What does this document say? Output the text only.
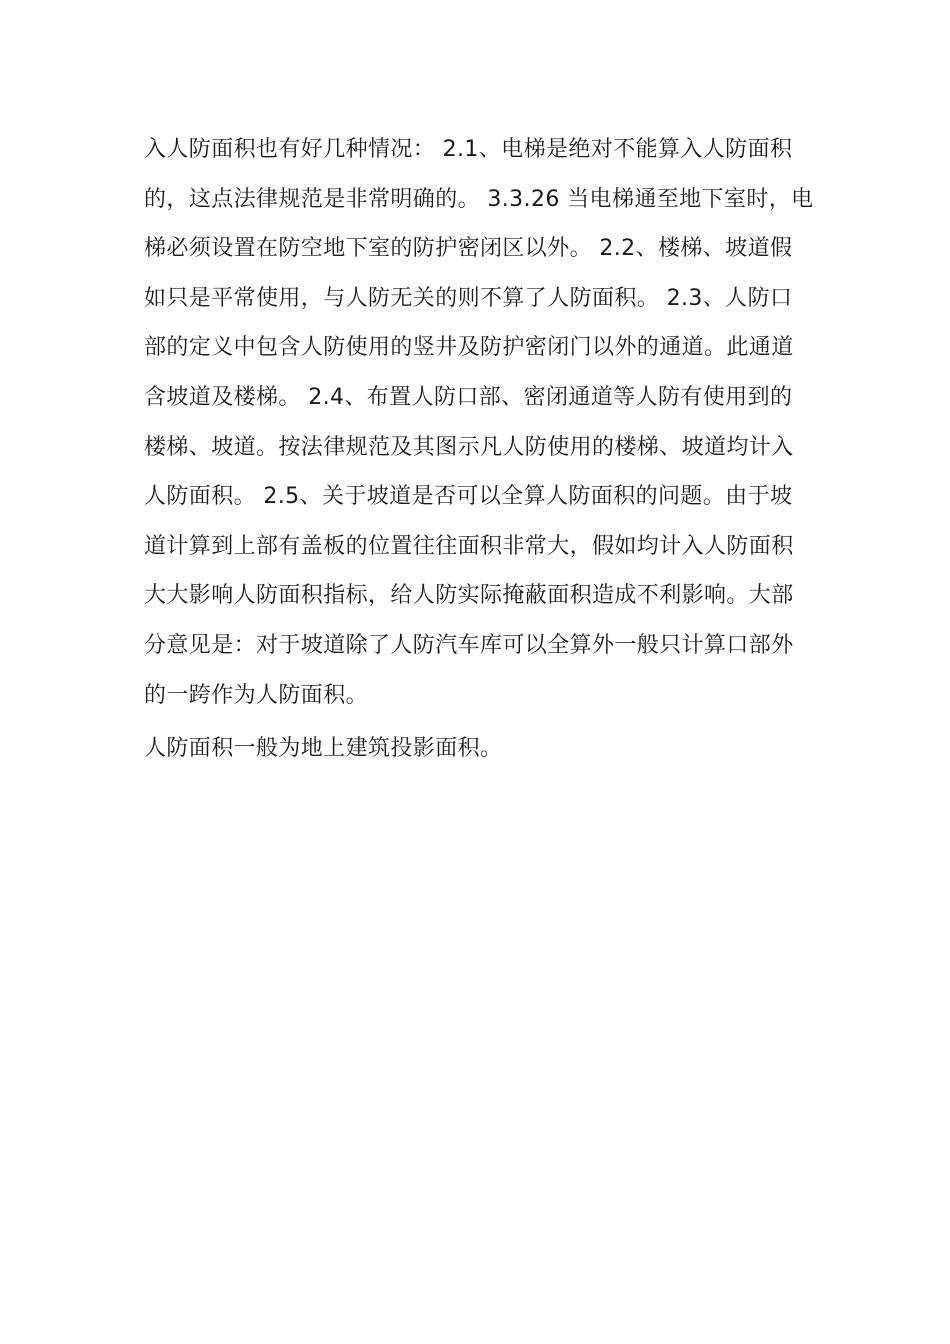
入人防面积也有好几种情况： 2.1、电梯是绝对不能算入人防面积

的，这点法律规范是非常明确的。 3.3.26 当电梯通至地下室时，电

梯必须设置在防空地下室的防护密闭区以外。 2.2、楼梯、坡道假

如只是平常使用，与人防无关的则不算了人防面积。 2.3、人防口

部的定义中包含人防使用的竖井及防护密闭门以外的通道。此通道

含坡道及楼梯。 2.4、布置人防口部、密闭通道等人防有使用到的

楼梯、坡道。按法律规范及其图示凡人防使用的楼梯、坡道均计入

人防面积。 2.5、关于坡道是否可以全算人防面积的问题。由于坡

道计算到上部有盖板的位置往往面积非常大，假如均计入人防面积

大大影响人防面积指标，给人防实际掩蔽面积造成不利影响。大部

分意见是：对于坡道除了人防汽车库可以全算外一般只计算口部外

的一跨作为人防面积。

人防面积一般为地上建筑投影面积。
